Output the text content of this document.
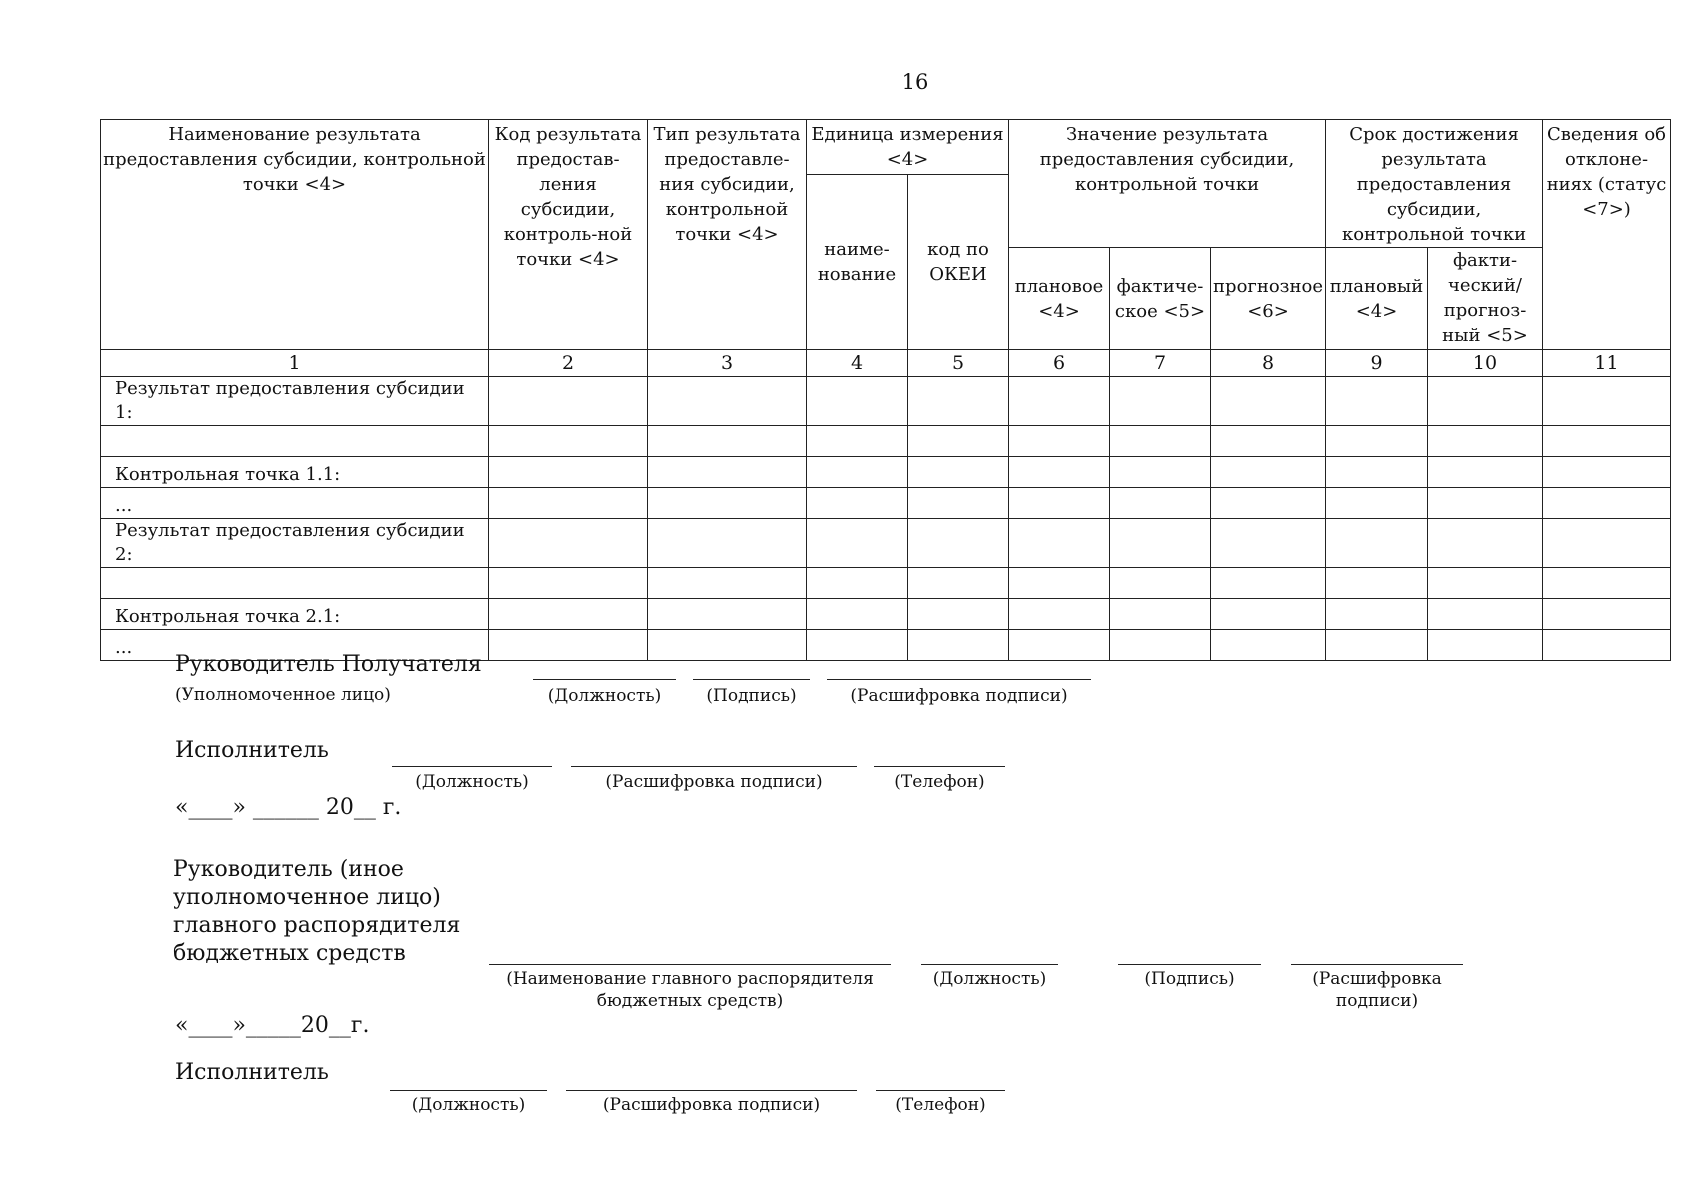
16
Наименование результата предоставления субсидии, контрольной точки <4>	Код результата предостав-ления субсидии, контроль-ной точки <4>	Тип результата предоставле-ния субсидии, контрольной точки <4>	Единица измерения <4>		Значение результата предоставления субсидии, контрольной точки			Срок достижения результата предоставления субсидии, контрольной точки		Сведения об отклоне-ниях (статус <7>)
			наиме-нование	код по ОКЕИ						
					плановое <4>	фактиче-ское <5>	прогнозное <6>	плановый <4>	факти-ческий/ прогноз-ный <5>	
1	2	3	4	5	6	7	8	9	10	11
Результат предоставления субсидии 1:										

Контрольная точка 1.1:										
...										
Результат предоставления субсидии 2:										

Контрольная точка 2.1:										
...										
Руководитель Получателя
(Уполномоченное лицо)	(Должность)	(Подпись)	(Расшифровка подписи)
Исполнитель
(Должность)	(Расшифровка подписи)	(Телефон)
«____» ______ 20__ г.
Руководитель (иное
уполномоченное лицо)
главного распорядителя
бюджетных средств
(Наименование главного распорядителя бюджетных средств)
(Должность)	(Подпись)	(Расшифровка подписи)
«____»_____20__г.
Исполнитель
(Должность)	(Расшифровка подписи)	(Телефон)
